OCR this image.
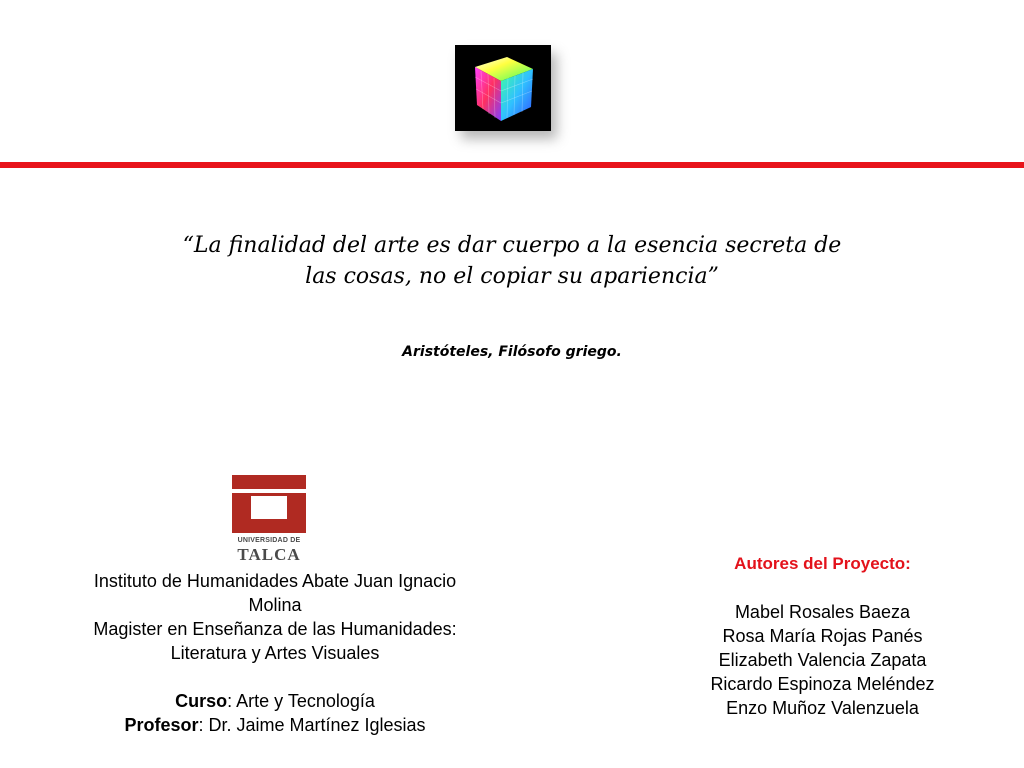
“La finalidad del arte es dar cuerpo a la esencia secreta de
las cosas, no el copiar su apariencia”
Aristóteles, Filósofo griego.
UNIVERSIDAD DE
TALCA
Instituto de Humanidades Abate Juan Ignacio
Molina
Magister en Enseñanza de las Humanidades:
Literatura y Artes Visuales
Curso: Arte y Tecnología
Profesor: Dr. Jaime Martínez Iglesias
Autores del Proyecto:
Mabel Rosales Baeza
Rosa María Rojas Panés
Elizabeth Valencia Zapata
Ricardo Espinoza Meléndez
Enzo Muñoz Valenzuela
